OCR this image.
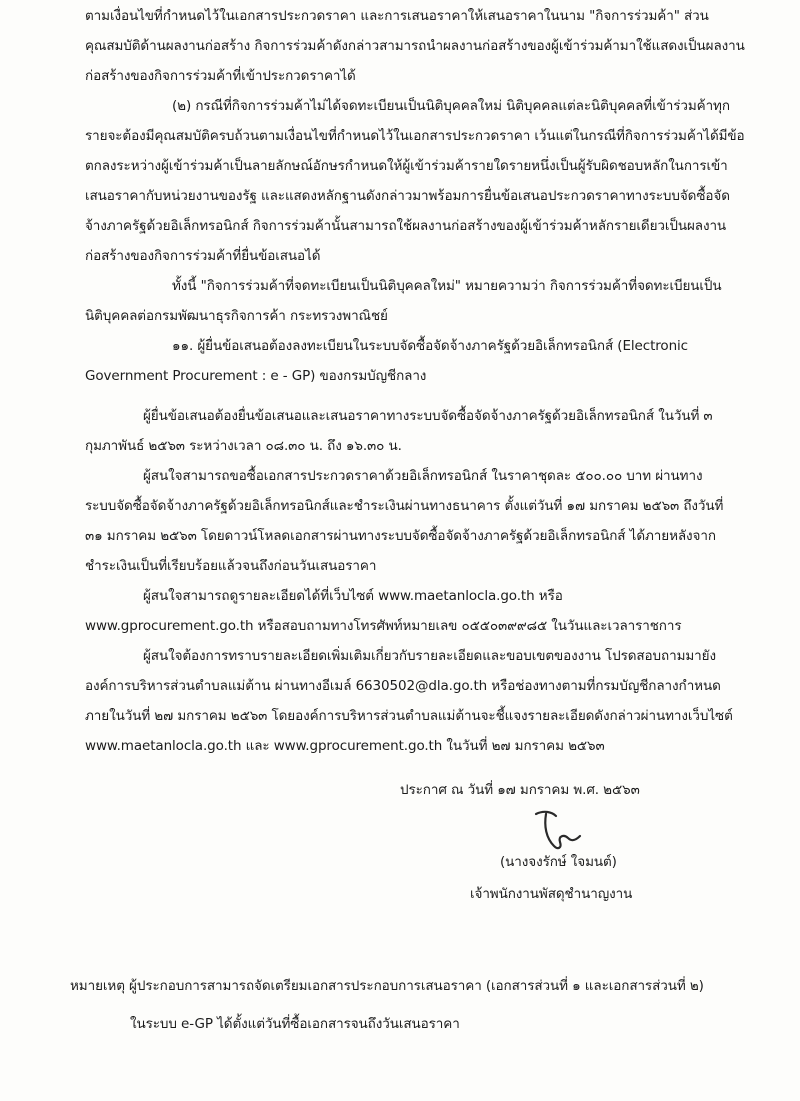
ตามเงื่อนไขที่กำหนดไว้ในเอกสารประกวดราคา และการเสนอราคาให้เสนอราคาในนาม "กิจการร่วมค้า" ส่วน
คุณสมบัติด้านผลงานก่อสร้าง กิจการร่วมค้าดังกล่าวสามารถนำผลงานก่อสร้างของผู้เข้าร่วมค้ามาใช้แสดงเป็นผลงาน
ก่อสร้างของกิจการร่วมค้าที่เข้าประกวดราคาได้
(๒) กรณีที่กิจการร่วมค้าไม่ได้จดทะเบียนเป็นนิติบุคคลใหม่ นิติบุคคลแต่ละนิติบุคคลที่เข้าร่วมค้าทุก
รายจะต้องมีคุณสมบัติครบถ้วนตามเงื่อนไขที่กำหนดไว้ในเอกสารประกวดราคา เว้นแต่ในกรณีที่กิจการร่วมค้าได้มีข้อ
ตกลงระหว่างผู้เข้าร่วมค้าเป็นลายลักษณ์อักษรกำหนดให้ผู้เข้าร่วมค้ารายใดรายหนึ่งเป็นผู้รับผิดชอบหลักในการเข้า
เสนอราคากับหน่วยงานของรัฐ และแสดงหลักฐานดังกล่าวมาพร้อมการยื่นข้อเสนอประกวดราคาทางระบบจัดซื้อจัด
จ้างภาครัฐด้วยอิเล็กทรอนิกส์ กิจการร่วมค้านั้นสามารถใช้ผลงานก่อสร้างของผู้เข้าร่วมค้าหลักรายเดียวเป็นผลงาน
ก่อสร้างของกิจการร่วมค้าที่ยื่นข้อเสนอได้
ทั้งนี้ "กิจการร่วมค้าที่จดทะเบียนเป็นนิติบุคคลใหม่" หมายความว่า กิจการร่วมค้าที่จดทะเบียนเป็น
นิติบุคคลต่อกรมพัฒนาธุรกิจการค้า กระทรวงพาณิชย์
๑๑. ผู้ยื่นข้อเสนอต้องลงทะเบียนในระบบจัดซื้อจัดจ้างภาครัฐด้วยอิเล็กทรอนิกส์ (Electronic
Government Procurement : e - GP) ของกรมบัญชีกลาง
ผู้ยื่นข้อเสนอต้องยื่นข้อเสนอและเสนอราคาทางระบบจัดซื้อจัดจ้างภาครัฐด้วยอิเล็กทรอนิกส์ ในวันที่ ๓
กุมภาพันธ์ ๒๕๖๓ ระหว่างเวลา ๐๘.๓๐ น. ถึง ๑๖.๓๐ น.
ผู้สนใจสามารถขอซื้อเอกสารประกวดราคาด้วยอิเล็กทรอนิกส์ ในราคาชุดละ ๕๐๐.๐๐ บาท ผ่านทาง
ระบบจัดซื้อจัดจ้างภาครัฐด้วยอิเล็กทรอนิกส์และชำระเงินผ่านทางธนาคาร ตั้งแต่วันที่ ๑๗ มกราคม ๒๕๖๓ ถึงวันที่
๓๑ มกราคม ๒๕๖๓ โดยดาวน์โหลดเอกสารผ่านทางระบบจัดซื้อจัดจ้างภาครัฐด้วยอิเล็กทรอนิกส์ ได้ภายหลังจาก
ชำระเงินเป็นที่เรียบร้อยแล้วจนถึงก่อนวันเสนอราคา
ผู้สนใจสามารถดูรายละเอียดได้ที่เว็บไซต์ www.maetanlocla.go.th หรือ
www.gprocurement.go.th หรือสอบถามทางโทรศัพท์หมายเลข ๐๕๕๐๓๙๙๘๕ ในวันและเวลาราชการ
ผู้สนใจต้องการทราบรายละเอียดเพิ่มเติมเกี่ยวกับรายละเอียดและขอบเขตของงาน โปรดสอบถามมายัง
องค์การบริหารส่วนตำบลแม่ต้าน ผ่านทางอีเมล์ 6630502@dla.go.th หรือช่องทางตามที่กรมบัญชีกลางกำหนด
ภายในวันที่ ๒๗ มกราคม ๒๕๖๓ โดยองค์การบริหารส่วนตำบลแม่ต้านจะชี้แจงรายละเอียดดังกล่าวผ่านทางเว็บไซต์
www.maetanlocla.go.th และ www.gprocurement.go.th ในวันที่ ๒๗ มกราคม ๒๕๖๓
ประกาศ ณ วันที่ ๑๗ มกราคม พ.ศ. ๒๕๖๓
(นางจงรักษ์ ใจมนต์)
เจ้าพนักงานพัสดุชำนาญงาน
หมายเหตุ ผู้ประกอบการสามารถจัดเตรียมเอกสารประกอบการเสนอราคา (เอกสารส่วนที่ ๑ และเอกสารส่วนที่ ๒)
ในระบบ e-GP ได้ตั้งแต่วันที่ซื้อเอกสารจนถึงวันเสนอราคา
